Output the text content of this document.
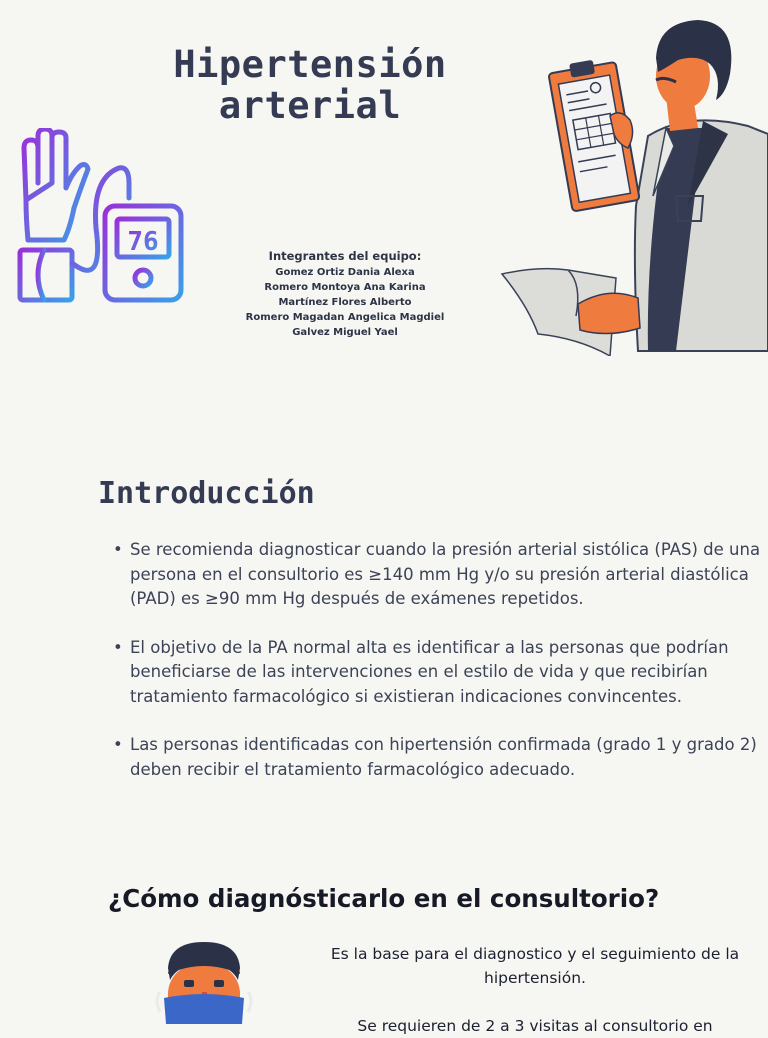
Hipertensión
arterial
76	Integrantes del equipo:
Gomez Ortiz Dania Alexa
Romero Montoya Ana Karina
Martínez Flores Alberto
Romero Magadan Angelica Magdiel
Galvez Miguel Yael
Introducción
• Se recomienda diagnosticar cuando la presión arterial sistólica (PAS) de una persona en el consultorio es ≥140 mm Hg y/o su presión arterial diastólica (PAD) es ≥90 mm Hg después de exámenes repetidos.
• El objetivo de la PA normal alta es identificar a las personas que podrían beneficiarse de las intervenciones en el estilo de vida y que recibirían tratamiento farmacológico si existieran indicaciones convincentes.
• Las personas identificadas con hipertensión confirmada (grado 1 y grado 2) deben recibir el tratamiento farmacológico adecuado.
¿Cómo diagnósticarlo en el consultorio?
Es la base para el diagnostico y el seguimiento de la hipertensión.
Se requieren de 2 a 3 visitas al consultorio en
